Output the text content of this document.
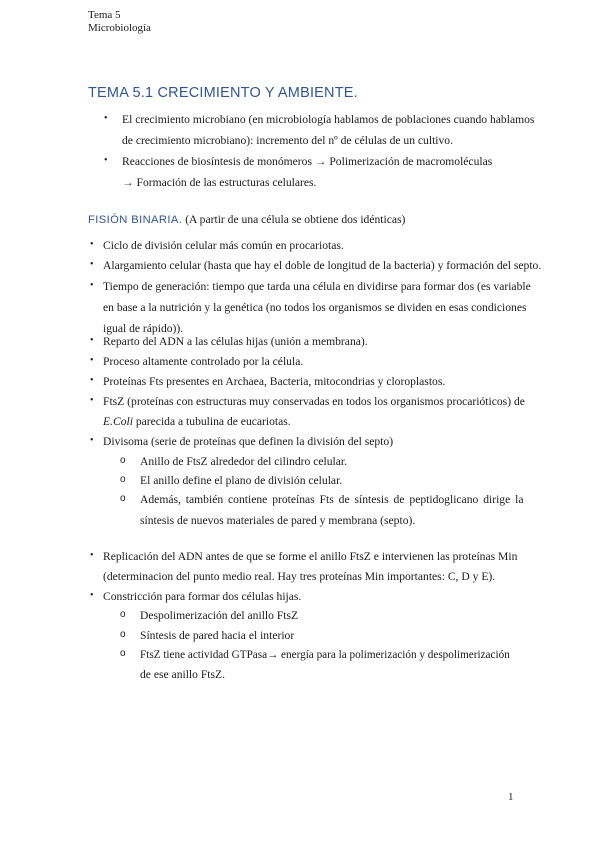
Tema 5
Microbiología
TEMA 5.1 CRECIMIENTO Y AMBIENTE.
• El crecimiento microbiano (en microbiología hablamos de poblaciones cuando hablamos
de crecimiento microbiano): incremento del nº de células de un cultivo.
• Reacciones de biosíntesis de monómeros → Polimerización de macromoléculas
→ Formación de las estructuras celulares.
FISIÓN BINARIA. (A partir de una célula se obtiene dos idénticas)
• Ciclo de división celular más común en procariotas.
• Alargamiento celular (hasta que hay el doble de longitud de la bacteria) y formación del septo.
• Tiempo de generación: tiempo que tarda una célula en dividirse para formar dos (es variable
en base a la nutrición y la genética (no todos los organismos se dividen en esas condiciones
igual de rápido)).
• Reparto del ADN a las células hijas (unión a membrana).
• Proceso altamente controlado por la célula.
• Proteínas Fts presentes en Archaea, Bacteria, mitocondrias y cloroplastos.
• FtsZ (proteínas con estructuras muy conservadas en todos los organismos procarióticos) de
E.Coli parecida a tubulina de eucariotas.
• Divisoma (serie de proteínas que definen la división del septo)
o Anillo de FtsZ alrededor del cilindro celular.
o El anillo define el plano de división celular.
o Además, también contiene proteínas Fts de síntesis de peptidoglicano dirige la
síntesis de nuevos materiales de pared y membrana (septo).
• Replicación del ADN antes de que se forme el anillo FtsZ e intervienen las proteínas Min
(determinacion del punto medio real. Hay tres proteínas Min importantes: C, D y E).
• Constricción para formar dos células hijas.
o Despolimerización del anillo FtsZ
o Síntesis de pared hacia el interior
o FtsZ tiene actividad GTPasa→ energía para la polimerización y despolimerización
de ese anillo FtsZ.
1
